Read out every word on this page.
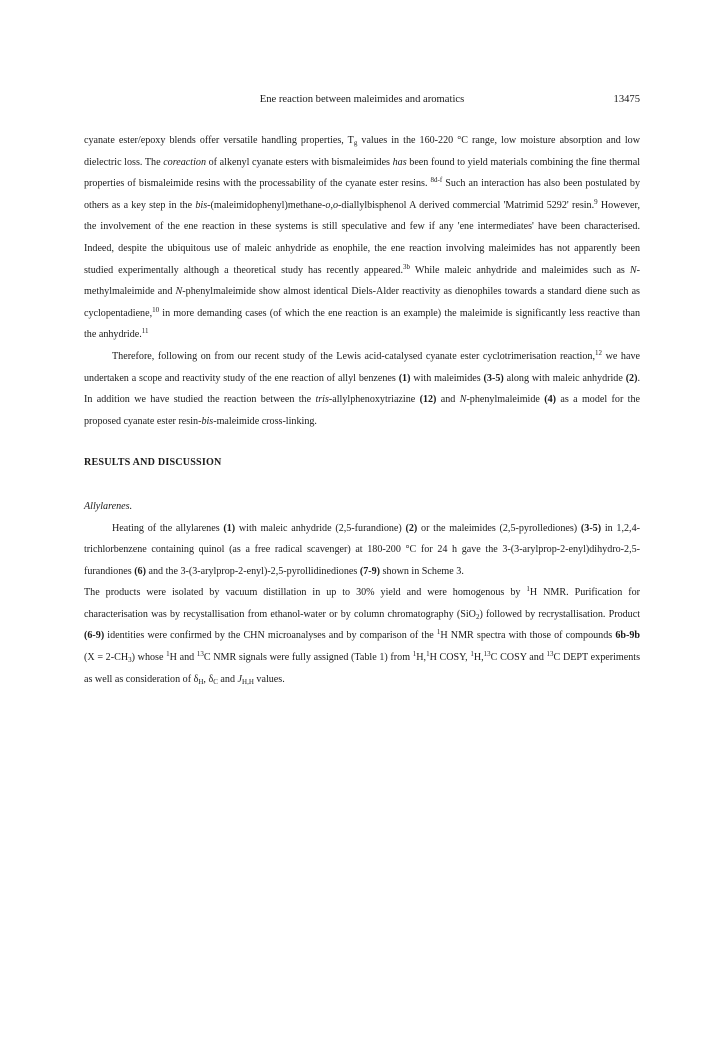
Ene reaction between maleimides and aromatics	13475

cyanate ester/epoxy blends offer versatile handling properties, $T_g$ values in the 160-220 °C range, low moisture absorption and low dielectric loss. The coreaction of alkenyl cyanate esters with bismaleimides has been found to yield materials combining the fine thermal properties of bismaleimide resins with the processability of the cyanate ester resins. $^{8d-f}$ Such an interaction has also been postulated by others as a key step in the bis-(maleimidophenyl)methane-o,o-diallylbisphenol A derived commercial 'Matrimid 5292' resin.$^9$ However, the involvement of the ene reaction in these systems is still speculative and few if any 'ene intermediates' have been characterised. Indeed, despite the ubiquitous use of maleic anhydride as enophile, the ene reaction involving maleimides has not apparently been studied experimentally although a theoretical study has recently appeared.$^{3b}$ While maleic anhydride and maleimides such as N-methylmaleimide and N-phenylmaleimide show almost identical Diels-Alder reactivity as dienophiles towards a standard diene such as cyclopentadiene,$^{10}$ in more demanding cases (of which the ene reaction is an example) the maleimide is significantly less reactive than the anhydride.$^{11}$

Therefore, following on from our recent study of the Lewis acid-catalysed cyanate ester cyclotrimerisation reaction,$^{12}$ we have undertaken a scope and reactivity study of the ene reaction of allyl benzenes (1) with maleimides (3-5) along with maleic anhydride (2). In addition we have studied the reaction between the tris-allylphenoxytriazine (12) and N-phenylmaleimide (4) as a model for the proposed cyanate ester resin-bis-maleimide cross-linking.

RESULTS AND DISCUSSION

Allylarenes.

Heating of the allylarenes (1) with maleic anhydride (2,5-furandione) (2) or the maleimides (2,5-pyrollediones) (3-5) in 1,2,4-trichlorbenzene containing quinol (as a free radical scavenger) at 180-200 °C for 24 h gave the 3-(3-arylprop-2-enyl)dihydro-2,5-furandiones (6) and the 3-(3-arylprop-2-enyl)-2,5-pyrollidinediones (7-9) shown in Scheme 3.

The products were isolated by vacuum distillation in up to 30% yield and were homogenous by $^1$H NMR. Purification for characterisation was by recystallisation from ethanol-water or by column chromatography (SiO$_2$) followed by recrystallisation. Product (6-9) identities were confirmed by the CHN microanalyses and by comparison of the $^1$H NMR spectra with those of compounds 6b-9b $(X = 2-CH_3)$ whose $^1$H and $^{13}$C NMR signals were fully assigned (Table 1) from $^1$H,$^1$H COSY, $^1$H,$^{13}$C COSY and $^{13}$C DEPT experiments as well as consideration of $\delta_H$, $\delta_C$ and $J_{H,H}$ values.
